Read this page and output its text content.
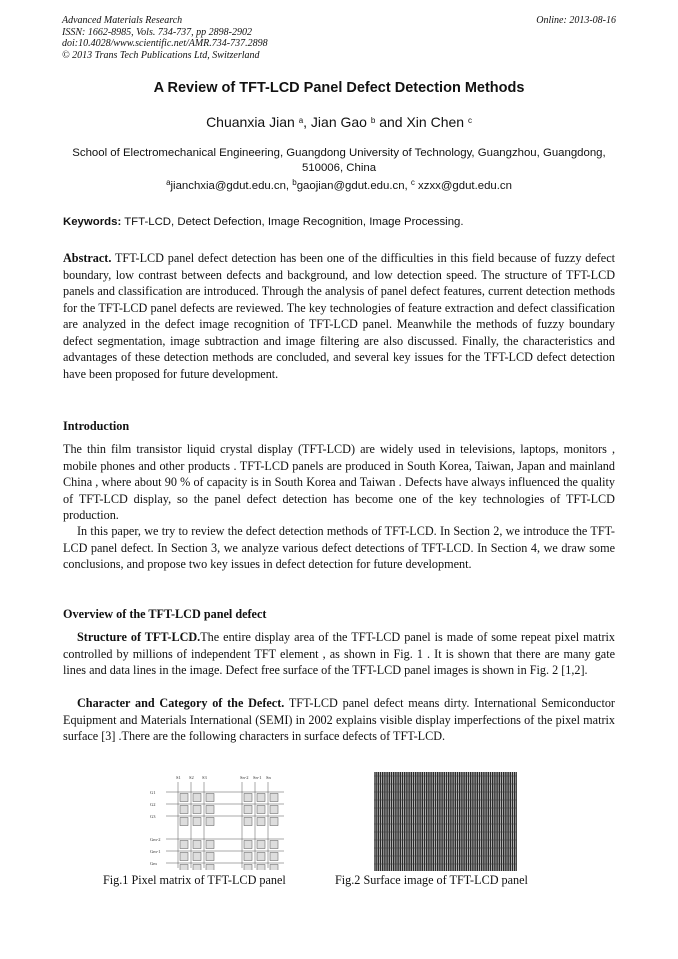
Advanced Materials Research
ISSN: 1662-8985, Vols. 734-737, pp 2898-2902
doi:10.4028/www.scientific.net/AMR.734-737.2898
© 2013 Trans Tech Publications Ltd, Switzerland
Online: 2013-08-16
A Review of TFT-LCD Panel Defect Detection Methods
Chuanxia Jian $^a$, Jian Gao $^b$ and Xin Chen $^c$
School of Electromechanical Engineering, Guangdong University of Technology, Guangzhou, Guangdong, 510006, China
$^a$jianchxia@gdut.edu.cn, $^b$gaojian@gdut.edu.cn, $^c$ xzxx@gdut.edu.cn
Keywords: TFT-LCD, Detect Defection, Image Recognition, Image Processing.
Abstract. TFT-LCD panel defect detection has been one of the difficulties in this field because of fuzzy defect boundary, low contrast between defects and background, and low detection speed. The structure of TFT-LCD panels and classification are introduced. Through the analysis of panel defect features, current detection methods for the TFT-LCD panel defects are reviewed. The key technologies of feature extraction and defect classification are analyzed in the defect image recognition of TFT-LCD panel. Meanwhile the methods of fuzzy boundary defect segmentation, image subtraction and image filtering are also discussed. Finally, the characteristics and advantages of these detection methods are concluded, and several key issues for the TFT-LCD defect detection have been proposed for future development.
Introduction
The thin film transistor liquid crystal display (TFT-LCD) are widely used in televisions, laptops, monitors , mobile phones and other products . TFT-LCD panels are produced in South Korea, Taiwan, Japan and mainland China , where about 90 % of capacity is in South Korea and Taiwan . Defects have always influenced the quality of TFT-LCD display, so the panel defect detection has become one of the key technologies of TFT-LCD production.
In this paper, we try to review the defect detection methods of TFT-LCD. In Section 2, we introduce the TFT-LCD panel defect. In Section 3, we analyze various defect detections of TFT-LCD. In Section 4, we draw some conclusions, and propose two key issues in defect detection for future development.
Overview of the TFT-LCD panel defect
Structure of TFT-LCD.The entire display area of the TFT-LCD panel is made of some repeat pixel matrix controlled by millions of independent TFT element , as shown in Fig. 1 . It is shown that there are many gate lines and data lines in the image. Defect free surface of the TFT-LCD panel images is shown in Fig. 2 [1,2].
Character and Category of the Defect. TFT-LCD panel defect means dirty. International Semiconductor Equipment and Materials International (SEMI) in 2002 explains visible display imperfections of the pixel matrix surface [3] .There are the following characters in surface defects of TFT-LCD.
S1 S2 S3	Sn-2 Sn-1 Sn
G1
G2
G3
Gm-2
Gm-1
Gm
Fig.1 Pixel matrix of TFT-LCD panel	Fig.2 Surface image of TFT-LCD panel
